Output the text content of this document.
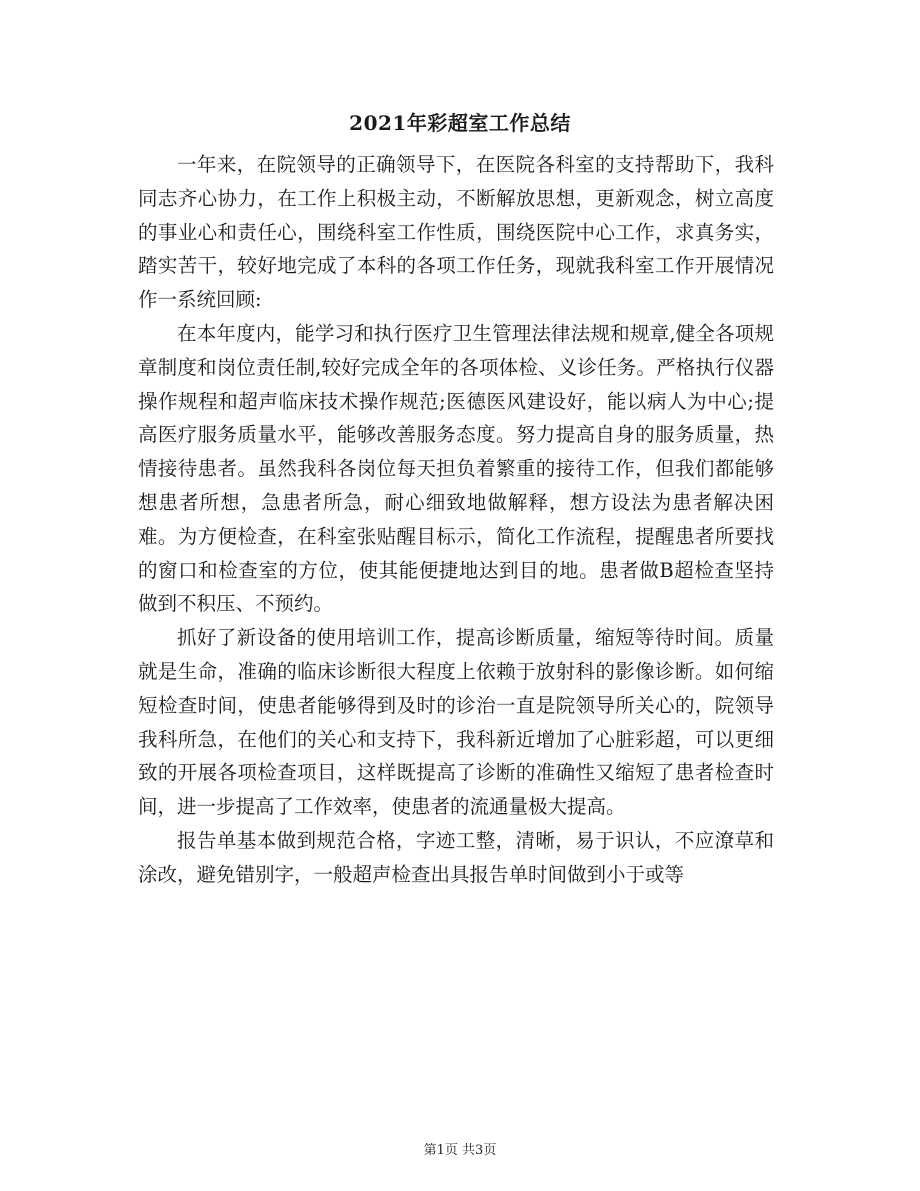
2021年彩超室工作总结

一年来，在院领导的正确领导下，在医院各科室的支持帮助下，我科同志齐心协力，在工作上积极主动，不断解放思想，更新观念，树立高度的事业心和责任心，围绕科室工作性质，围绕医院中心工作，求真务实，踏实苦干，较好地完成了本科的各项工作任务，现就我科室工作开展情况作一系统回顾:

在本年度内，能学习和执行医疗卫生管理法律法规和规章,健全各项规章制度和岗位责任制,较好完成全年的各项体检、义诊任务。严格执行仪器操作规程和超声临床技术操作规范;医德医风建设好，能以病人为中心;提高医疗服务质量水平，能够改善服务态度。努力提高自身的服务质量，热情接待患者。虽然我科各岗位每天担负着繁重的接待工作，但我们都能够想患者所想，急患者所急，耐心细致地做解释，想方设法为患者解决困难。为方便检查，在科室张贴醒目标示，简化工作流程，提醒患者所要找的窗口和检查室的方位，使其能便捷地达到目的地。患者做B超检查坚持做到不积压、不预约。

抓好了新设备的使用培训工作，提高诊断质量，缩短等待时间。质量就是生命，准确的临床诊断很大程度上依赖于放射科的影像诊断。如何缩短检查时间，使患者能够得到及时的诊治一直是院领导所关心的，院领导我科所急，在他们的关心和支持下，我科新近增加了心脏彩超，可以更细致的开展各项检查项目，这样既提高了诊断的准确性又缩短了患者检查时间，进一步提高了工作效率，使患者的流通量极大提高。

报告单基本做到规范合格，字迹工整，清晰，易于识认，不应潦草和涂改，避免错别字，一般超声检查出具报告单时间做到小于或等

第1页 共3页
